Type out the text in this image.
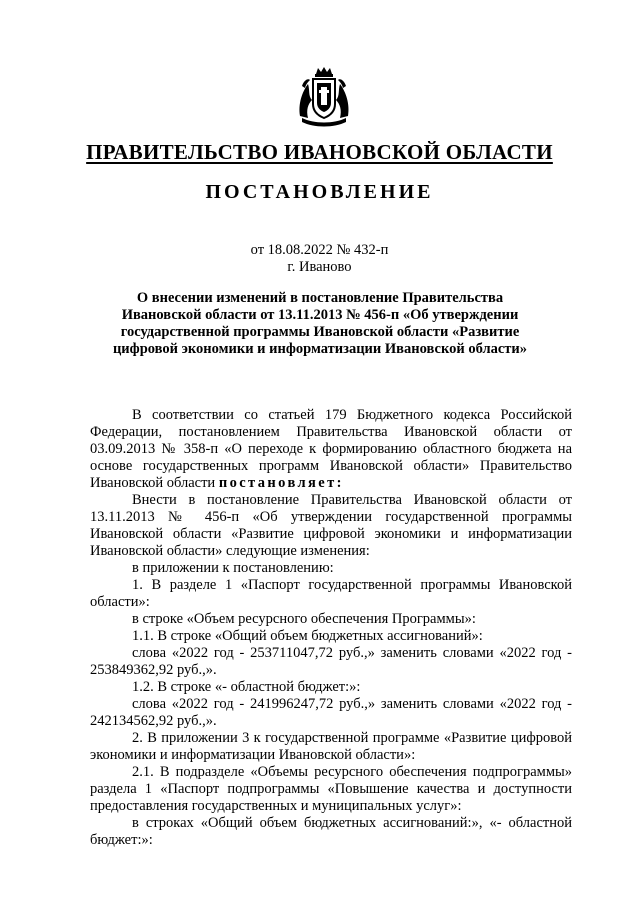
ПРАВИТЕЛЬСТВО ИВАНОВСКОЙ ОБЛАСТИ
ПОСТАНОВЛЕНИЕ
от 18.08.2022 № 432-п
г. Иваново
О внесении изменений в постановление Правительства Ивановской области от 13.11.2013 № 456-п «Об утверждении государственной программы Ивановской области «Развитие цифровой экономики и информатизации Ивановской области»

В соответствии со статьей 179 Бюджетного кодекса Российской Федерации, постановлением Правительства Ивановской области от 03.09.2013 № 358-п «О переходе к формированию областного бюджета на основе государственных программ Ивановской области» Правительство Ивановской области постановляет:

Внести в постановление Правительства Ивановской области от 13.11.2013 № 456-п «Об утверждении государственной программы Ивановской области «Развитие цифровой экономики и информатизации Ивановской области» следующие изменения:

в приложении к постановлению:

1. В разделе 1 «Паспорт государственной программы Ивановской области»:

в строке «Объем ресурсного обеспечения Программы»:

1.1. В строке «Общий объем бюджетных ассигнований»:

слова «2022 год - 253711047,72 руб.,» заменить словами «2022 год - 253849362,92 руб.,».

1.2. В строке «- областной бюджет:»:

слова «2022 год - 241996247,72 руб.,» заменить словами «2022 год - 242134562,92 руб.,».

2. В приложении 3 к государственной программе «Развитие цифровой экономики и информатизации Ивановской области»:

2.1. В подразделе «Объемы ресурсного обеспечения подпрограммы» раздела 1 «Паспорт подпрограммы «Повышение качества и доступности предоставления государственных и муниципальных услуг»:

в строках «Общий объем бюджетных ассигнований:», «- областной бюджет:»:
